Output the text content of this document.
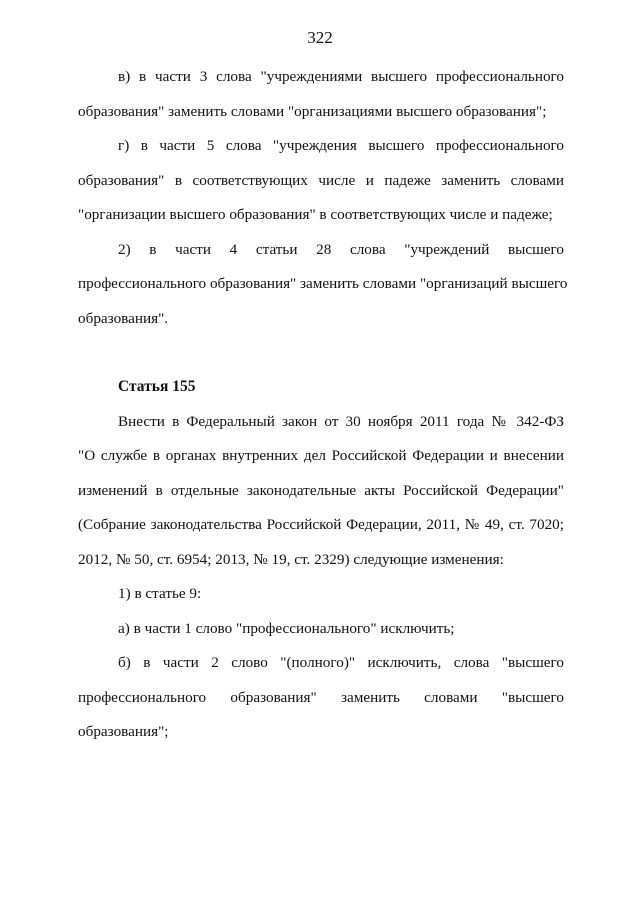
322
в) в части 3 слова "учреждениями высшего профессионального
образования" заменить словами "организациями высшего образования";
г) в части 5 слова "учреждения высшего профессионального
образования" в соответствующих числе и падеже заменить словами
"организации высшего образования" в соответствующих числе и падеже;
2) в части 4 статьи 28 слова "учреждений высшего
профессионального образования" заменить словами "организаций высшего
образования".
Статья 155
Внести в Федеральный закон от 30 ноября 2011 года № 342-ФЗ
"О службе в органах внутренних дел Российской Федерации и внесении
изменений в отдельные законодательные акты Российской Федерации"
(Собрание законодательства Российской Федерации, 2011, № 49, ст. 7020;
2012, № 50, ст. 6954; 2013, № 19, ст. 2329) следующие изменения:
1) в статье 9:
а) в части 1 слово "профессионального" исключить;
б) в части 2 слово "(полного)" исключить, слова "высшего
профессионального образования" заменить словами "высшего
образования";
